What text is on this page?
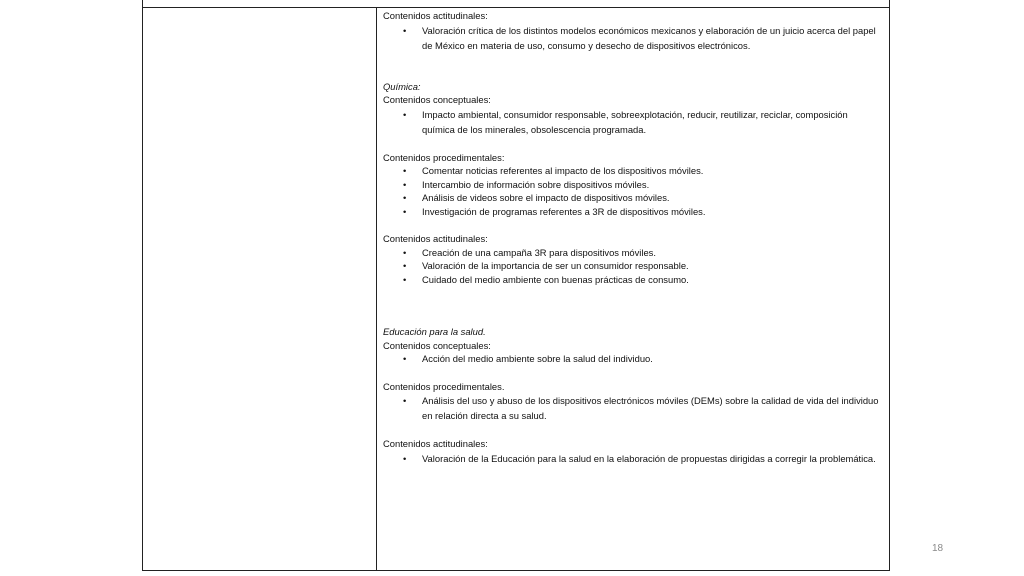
Contenidos actitudinales:

• Valoración crítica de los distintos modelos económicos mexicanos y elaboración de un juicio acerca del papel de México en materia de uso, consumo y desecho de dispositivos electrónicos.

Química:

Contenidos conceptuales:

• Impacto ambiental, consumidor responsable, sobreexplotación, reducir, reutilizar, reciclar, composición química de los minerales, obsolescencia programada.

Contenidos procedimentales:

• Comentar noticias referentes al impacto de los dispositivos móviles.
• Intercambio de información sobre dispositivos móviles.
• Análisis de videos sobre el impacto de dispositivos móviles.
• Investigación de programas referentes a 3R de dispositivos móviles.

Contenidos actitudinales:

• Creación de una campaña 3R para dispositivos móviles.
• Valoración de la importancia de ser un consumidor responsable.
• Cuidado del medio ambiente con buenas prácticas de consumo.

Educación para la salud.

Contenidos conceptuales:

• Acción del medio ambiente sobre la salud del individuo.

Contenidos procedimentales.

• Análisis del uso y abuso de los dispositivos electrónicos móviles (DEMs) sobre la calidad de vida del individuo en relación directa a su salud.

Contenidos actitudinales:

• Valoración de la Educación para la salud en la elaboración de propuestas dirigidas a corregir la problemática.
18
